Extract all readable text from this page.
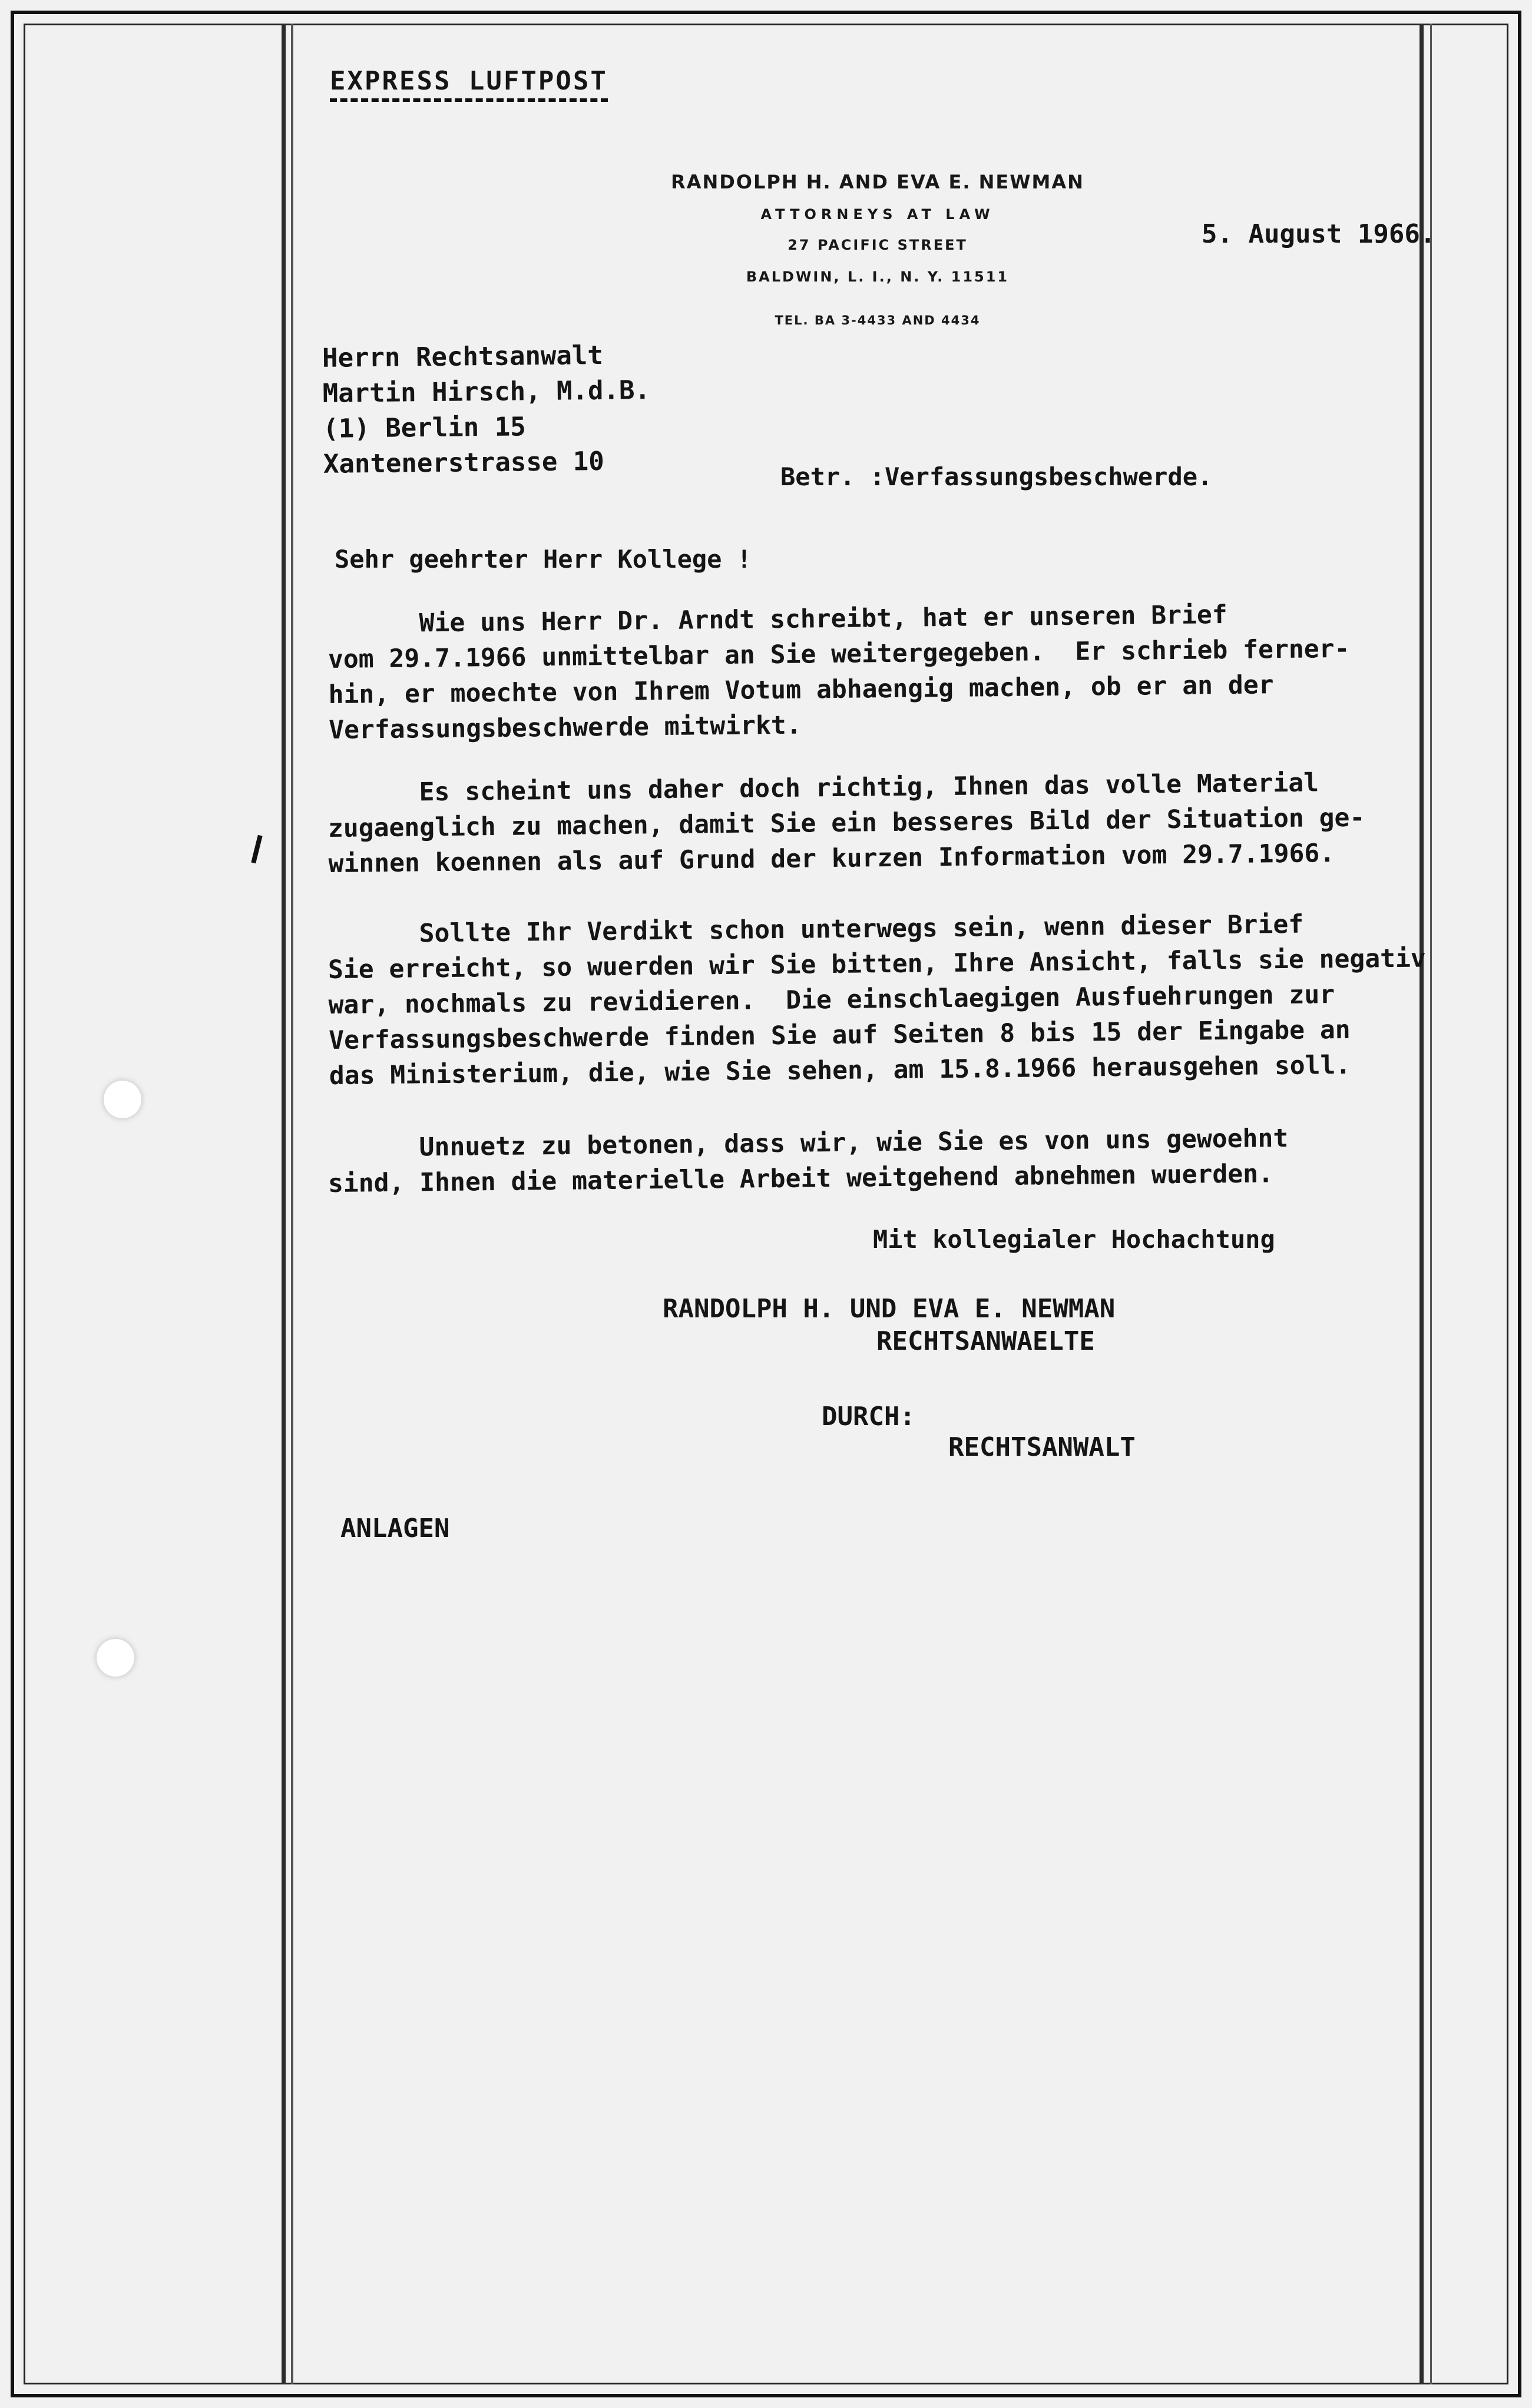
EXPRESS LUFTPOST
RANDOLPH H. AND EVA E. NEWMAN
ATTORNEYS AT LAW
27 PACIFIC STREET
BALDWIN, L. I., N. Y. 11511
TEL. BA 3-4433 AND 4434
5. August 1966.
Herrn Rechtsanwalt
Martin Hirsch, M.d.B.
(1) Berlin 15
Xantenerstrasse 10	Betr. :Verfassungsbeschwerde.
Sehr geehrter Herr Kollege !
Wie uns Herr Dr. Arndt schreibt, hat er unseren Brief
vom 29.7.1966 unmittelbar an Sie weitergegeben.  Er schrieb ferner-
hin, er moechte von Ihrem Votum abhaengig machen, ob er an der
Verfassungsbeschwerde mitwirkt.
Es scheint uns daher doch richtig, Ihnen das volle Material
zugaenglich zu machen, damit Sie ein besseres Bild der Situation ge-
winnen koennen als auf Grund der kurzen Information vom 29.7.1966.
Sollte Ihr Verdikt schon unterwegs sein, wenn dieser Brief
Sie erreicht, so wuerden wir Sie bitten, Ihre Ansicht, falls sie negativ
war, nochmals zu revidieren.  Die einschlaegigen Ausfuehrungen zur
Verfassungsbeschwerde finden Sie auf Seiten 8 bis 15 der Eingabe an
das Ministerium, die, wie Sie sehen, am 15.8.1966 herausgehen soll.
Unnuetz zu betonen, dass wir, wie Sie es von uns gewoehnt
sind, Ihnen die materielle Arbeit weitgehend abnehmen wuerden.
Mit kollegialer Hochachtung
RANDOLPH H. UND EVA E. NEWMAN
RECHTSANWAELTE
DURCH:
RECHTSANWALT
ANLAGEN
